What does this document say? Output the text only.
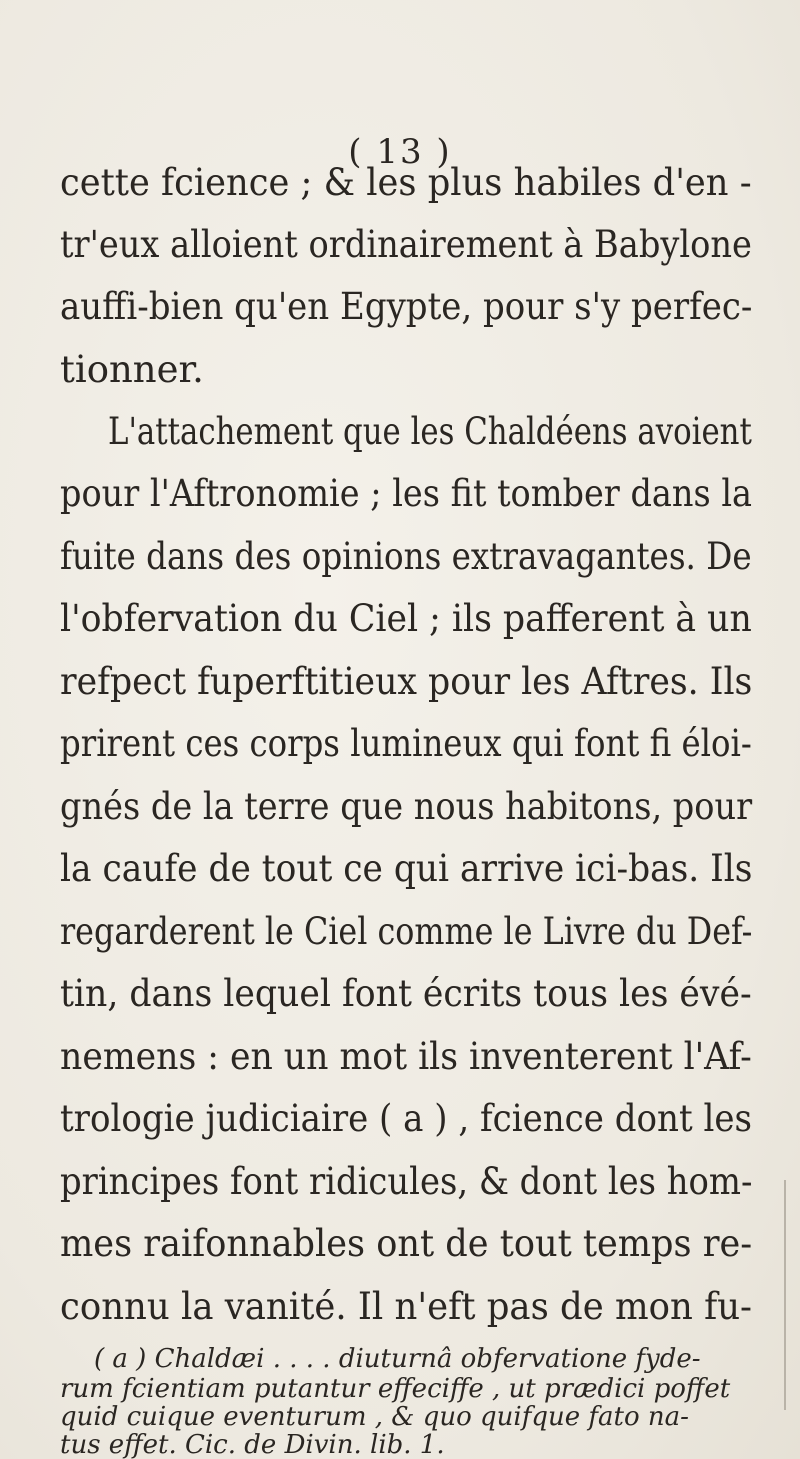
( 13 )
cette fcience ; & les plus habiles d'en -
tr'eux alloient ordinairement à Babylone
auffi-bien qu'en Egypte, pour s'y perfec-
tionner.
L'attachement que les Chaldéens avoient
pour l'Aftronomie ; les fit tomber dans la
fuite dans des opinions extravagantes. De
l'obfervation du Ciel ; ils pafferent à un
refpect fuperftitieux pour les Aftres. Ils
prirent ces corps lumineux qui font fi éloi-
gnés de la terre que nous habitons, pour
la caufe de tout ce qui arrive ici-bas. Ils
regarderent le Ciel comme le Livre du Def-
tin, dans lequel font écrits tous les évé-
nemens : en un mot ils inventerent l'Af-
trologie judiciaire ( a ) , fcience dont les
principes font ridicules, & dont les hom-
mes raifonnables ont de tout temps re-
connu la vanité. Il n'eft pas de mon fu-
( a ) Chaldæi . . . . diuturnâ obfervatione fyde-
rum fcientiam putantur effeciffe , ut prædici poffet
quid cuique eventurum , & quo quifque fato na-
tus effet. Cic. de Divin. lib. 1.
